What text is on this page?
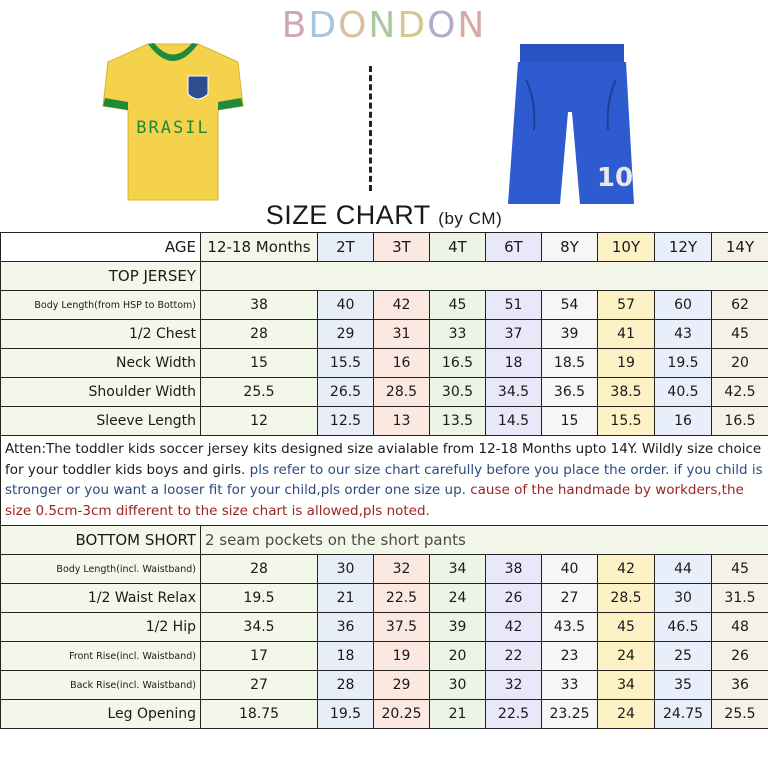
BDONDON
BRASIL
10
SIZE CHART (by CM)
AGE	12-18 Months	2T	3T	4T	6T	8Y	10Y	12Y	14Y
TOP JERSEY									
Body Length(from HSP to Bottom)	38	40	42	45	51	54	57	60	62
1/2 Chest	28	29	31	33	37	39	41	43	45
Neck Width	15	15.5	16	16.5	18	18.5	19	19.5	20
Shoulder Width	25.5	26.5	28.5	30.5	34.5	36.5	38.5	40.5	42.5
Sleeve Length	12	12.5	13	13.5	14.5	15	15.5	16	16.5
Atten:The toddler kids soccer jersey kits designed size avialable from 12-18 Months upto 14Y. Wildly size choice for your toddler kids boys and girls. pls refer to our size chart carefully before you place the order. if you child is stronger or you want a looser fit for your child,pls order one size up. cause of the handmade by workders,the size 0.5cm-3cm different to the size chart is allowed,pls noted.									
BOTTOM SHORT	2 seam pockets on the short pants								
Body Length(incl. Waistband)	28	30	32	34	38	40	42	44	45
1/2 Waist Relax	19.5	21	22.5	24	26	27	28.5	30	31.5
1/2 Hip	34.5	36	37.5	39	42	43.5	45	46.5	48
Front Rise(incl. Waistband)	17	18	19	20	22	23	24	25	26
Back Rise(incl. Waistband)	27	28	29	30	32	33	34	35	36
Leg Opening	18.75	19.5	20.25	21	22.5	23.25	24	24.75	25.5
